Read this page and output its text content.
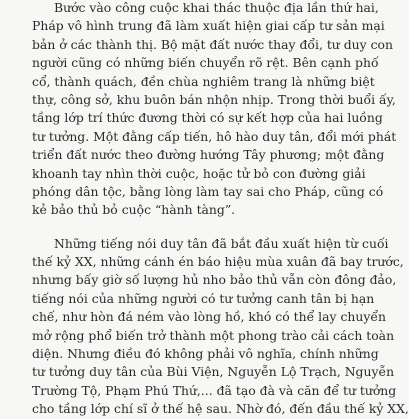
Bước vào công cuộc khai thác thuộc địa lần thứ hai,
Pháp vô hình trung đã làm xuất hiện giai cấp tư sản mại
bản ở các thành thị. Bộ mặt đất nước thay đổi, tư duy con
người cũng có những biến chuyển rõ rệt. Bên cạnh phố
cổ, thành quách, đền chùa nghiêm trang là những biệt
thự, công sở, khu buôn bán nhộn nhịp. Trong thời buổi ấy,
tầng lớp trí thức đương thời có sự kết hợp của hai luồng
tư tưởng. Một đằng cấp tiến, hô hào duy tân, đổi mới phát
triển đất nước theo đường hướng Tây phương; một đằng
khoanh tay nhìn thời cuộc, hoặc tử bỏ con đường giải
phóng dân tộc, bằng lòng làm tay sai cho Pháp, cũng có
kẻ bảo thủ bỏ cuộc “hành tàng”.
Những tiếng nói duy tân đã bắt đầu xuất hiện từ cuối
thế kỷ XX, những cánh én báo hiệu mùa xuân đã bay trước,
nhưng bấy giờ số lượng hủ nho bảo thủ vẫn còn đông đảo,
tiếng nói của những người có tư tưởng canh tân bị hạn
chế, như hòn đá ném vào lòng hồ, khó có thể lay chuyển
mở rộng phổ biến trở thành một phong trào cải cách toàn
diện. Nhưng điều đó không phải vô nghĩa, chính những
tư tưởng duy tân của Bùi Viện, Nguyễn Lộ Trạch, Nguyễn
Trường Tộ, Phạm Phú Thứ,... đã tạo đà và căn để tư tưởng
cho tầng lớp chí sĩ ở thế hệ sau. Nhờ đó, đến đầu thế kỷ XX,
